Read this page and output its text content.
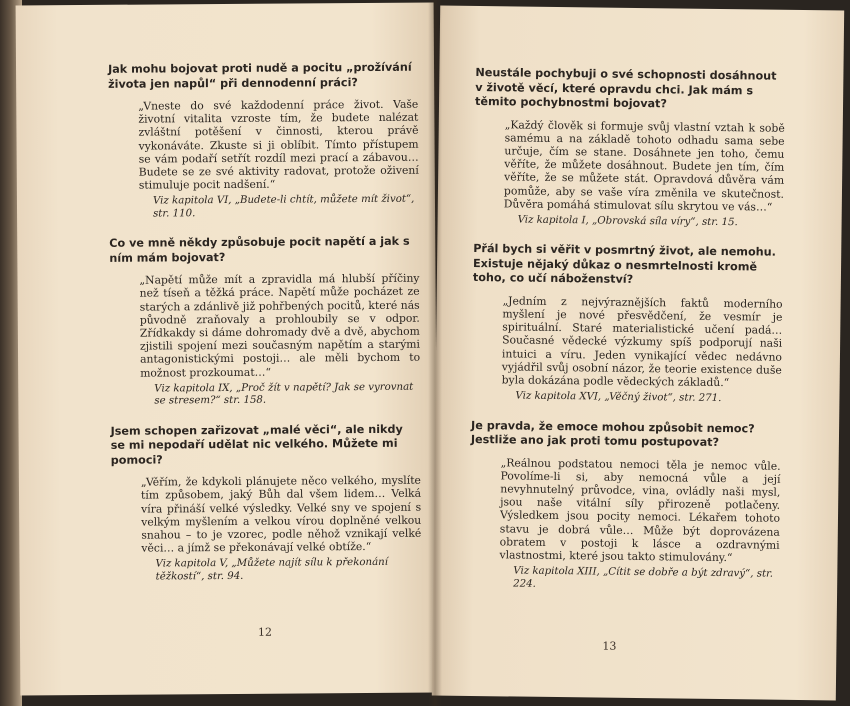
Jak mohu bojovat proti nudě a pocitu „prožívání života jen napůl“ při dennodenní práci?

„Vneste do své každodenní práce život. Vaše životní vitalita vzroste tím, že budete nalézat zvláštní potěšení v činnosti, kterou právě vykonáváte. Zkuste si ji oblíbit. Tímto přístupem se vám podaří setřít rozdíl mezi prací a zábavou… Budete se ze své aktivity radovat, protože oživení stimuluje pocit nadšení.“

Viz kapitola VI, „Budete-li chtít, můžete mít život“, str. 110.

Co ve mně někdy způsobuje pocit napětí a jak s ním mám bojovat?

„Napětí může mít a zpravidla má hlubší příčiny než tíseň a těžká práce. Napětí může pocházet ze starých a zdánlivě již pohřbených pocitů, které nás původně zraňovaly a prohloubily se v odpor. Zřídkakdy si dáme dohromady dvě a dvě, abychom zjistili spojení mezi současným napětím a starými antagonistickými postoji… ale měli bychom to možnost prozkoumat…“

Viz kapitola IX, „Proč žít v napětí? Jak se vyrovnat se stresem?“ str. 158.

Jsem schopen zařizovat „malé věci“, ale nikdy se mi nepodaří udělat nic velkého. Můžete mi pomoci?

„Věřím, že kdykoli plánujete něco velkého, myslíte tím způsobem, jaký Bůh dal všem lidem… Velká víra přináší velké výsledky. Velké sny ve spojení s velkým myšlením a velkou vírou doplněné velkou snahou – to je vzorec, podle něhož vznikají velké věci… a jímž se překonávají velké obtíže.“

Viz kapitola V, „Můžete najít sílu k překonání těžkostí“, str. 94.

12

Neustále pochybuji o své schopnosti dosáhnout v životě věcí, které opravdu chci. Jak mám s těmito pochybnostmi bojovat?

„Každý člověk si formuje svůj vlastní vztah k sobě samému a na základě tohoto odhadu sama sebe určuje, čím se stane. Dosáhnete jen toho, čemu věříte, že můžete dosáhnout. Budete jen tím, čím věříte, že se můžete stát. Opravdová důvěra vám pomůže, aby se vaše víra změnila ve skutečnost. Důvěra pomáhá stimulovat sílu skrytou ve vás…“

Viz kapitola I, „Obrovská síla víry“, str. 15.

Přál bych si věřit v posmrtný život, ale nemohu. Existuje nějaký důkaz o nesmrtelnosti kromě toho, co učí náboženství?

„Jedním z nejvýraznějších faktů moderního myšlení je nové přesvědčení, že vesmír je spirituální. Staré materialistické učení padá… Současné vědecké výzkumy spíš podporují naši intuici a víru. Jeden vynikající vědec nedávno vyjádřil svůj osobní názor, že teorie existence duše byla dokázána podle vědeckých základů.“

Viz kapitola XVI, „Věčný život“, str. 271.

Je pravda, že emoce mohou způsobit nemoc? Jestliže ano jak proti tomu postupovat?

„Reálnou podstatou nemoci těla je nemoc vůle. Povolíme-li si, aby nemocná vůle a její nevyhnutelný průvodce, vina, ovládly naši mysl, jsou naše vitální síly přirozeně potlačeny. Výsledkem jsou pocity nemoci. Lékařem tohoto stavu je dobrá vůle… Může být doprovázena obratem v postoji k lásce a ozdravnými vlastnostmi, které jsou takto stimulovány.“

Viz kapitola XIII, „Cítit se dobře a být zdravý“, str. 224.

13
